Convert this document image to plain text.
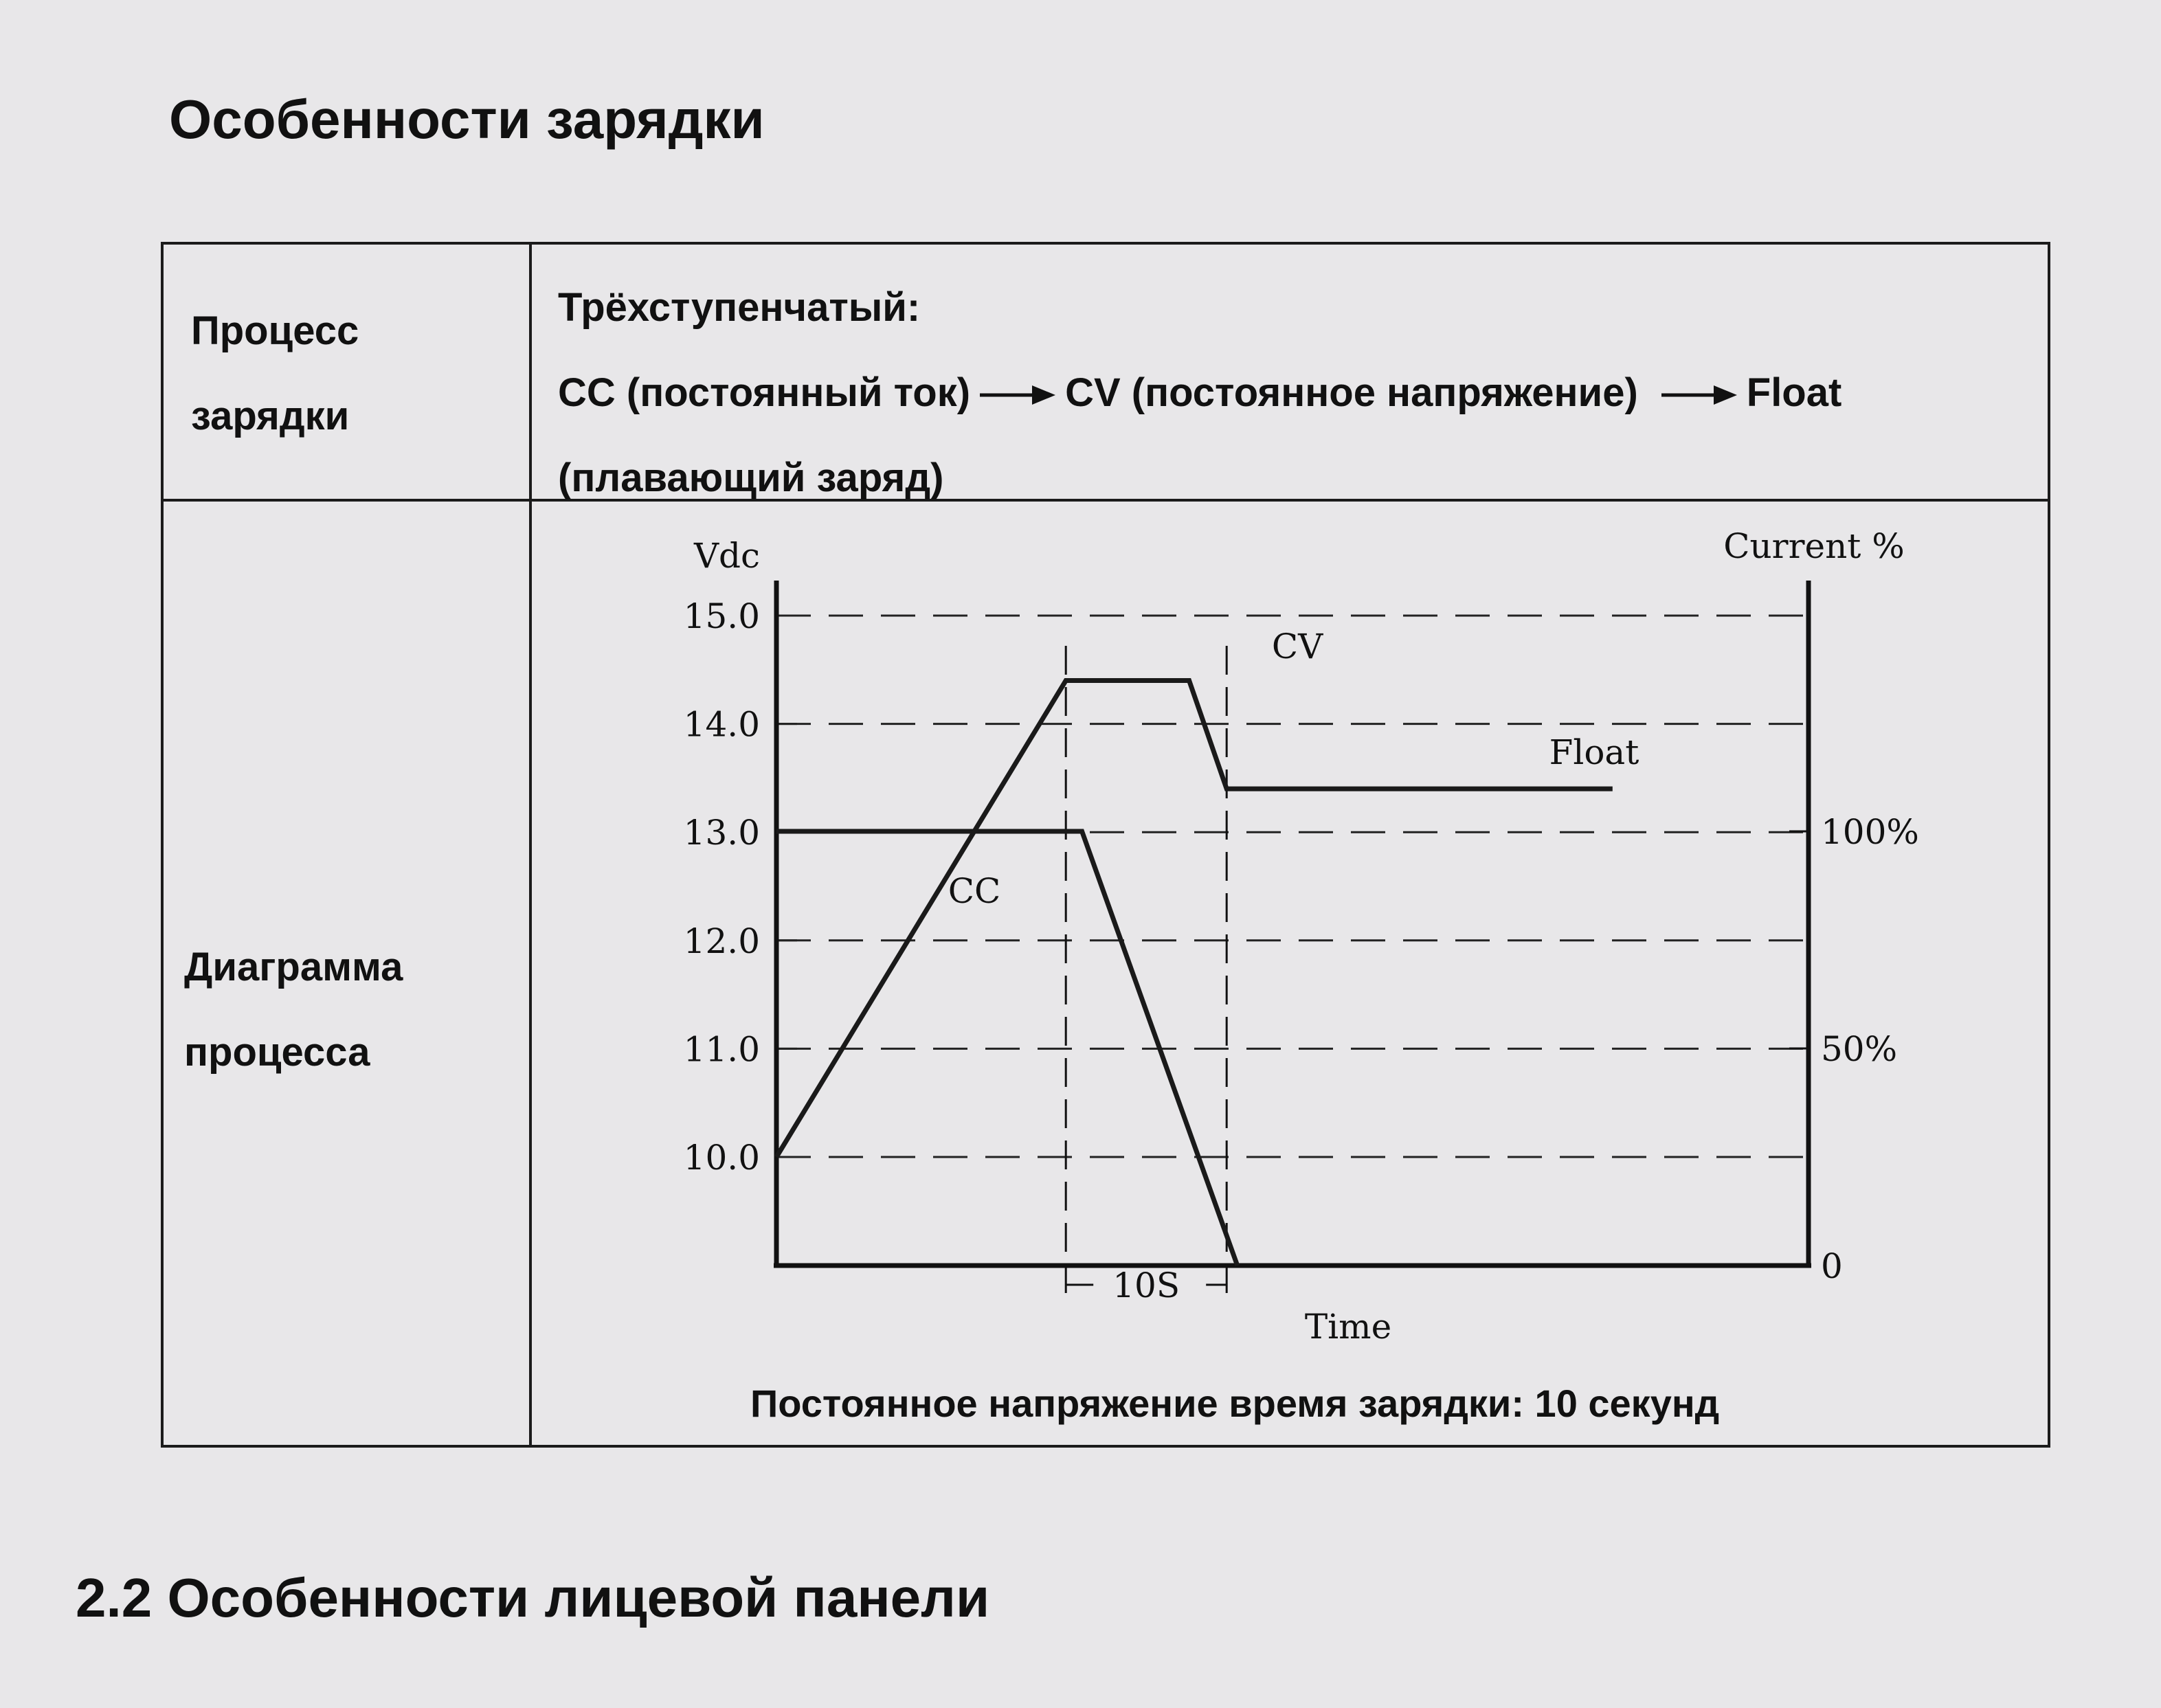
Особенности зарядки
Процесс
зарядки
Трёхступенчатый:
CC (постоянный ток) CV (постоянное напряжение)	Float
(плавающий заряд)
Диаграмма
процесса
15.0
14.0
13.0
12.0
11.0
10.0
Vdc	Current %
Time
100%
50%
0
10S
CV
Float
CC
Постоянное напряжение время зарядки: 10 секунд
2.2 Особенности лицевой панели
